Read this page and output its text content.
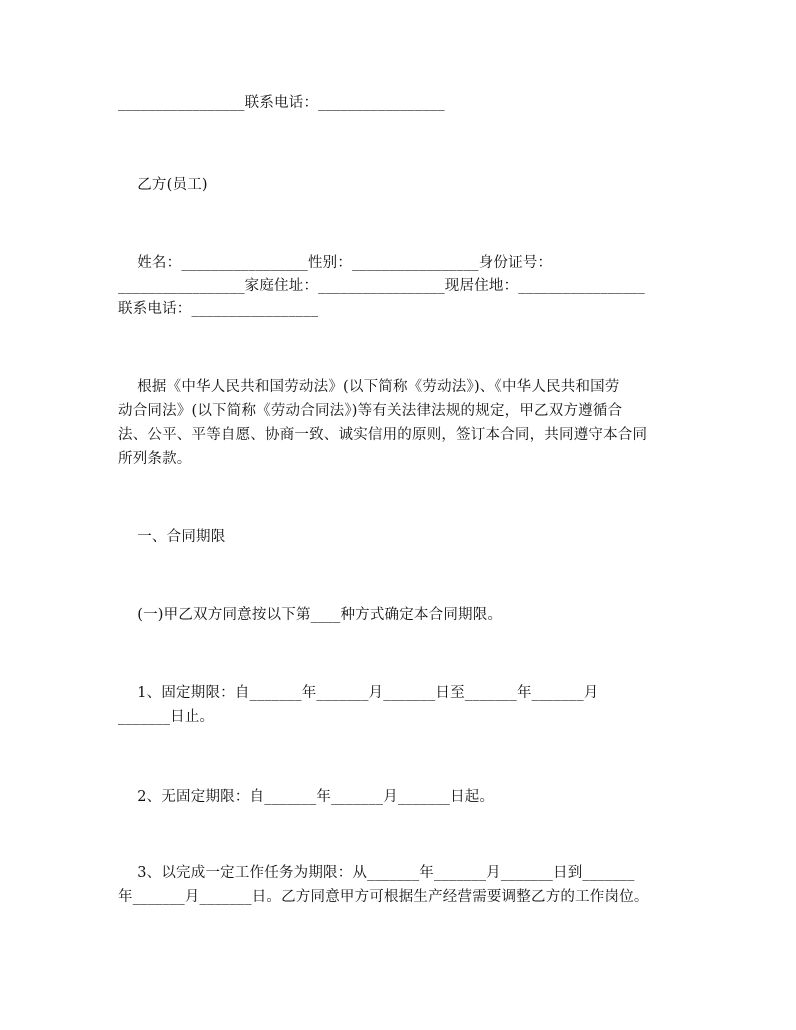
_________________联系电话：_________________
乙方(员工)
姓名：_________________性别：_________________身份证号：
_________________家庭住址：_________________现居住地：_________________
联系电话：_________________
根据《中华人民共和国劳动法》(以下简称《劳动法》)、《中华人民共和国劳
动合同法》(以下简称《劳动合同法》)等有关法律法规的规定，甲乙双方遵循合
法、公平、平等自愿、协商一致、诚实信用的原则，签订本合同，共同遵守本合同
所列条款。
一、合同期限
(一)甲乙双方同意按以下第____种方式确定本合同期限。
1、固定期限：自_______年_______月_______日至_______年_______月
_______日止。
2、无固定期限：自_______年_______月_______日起。
3、以完成一定工作任务为期限：从_______年_______月_______日到_______
年_______月_______日。乙方同意甲方可根据生产经营需要调整乙方的工作岗位。
